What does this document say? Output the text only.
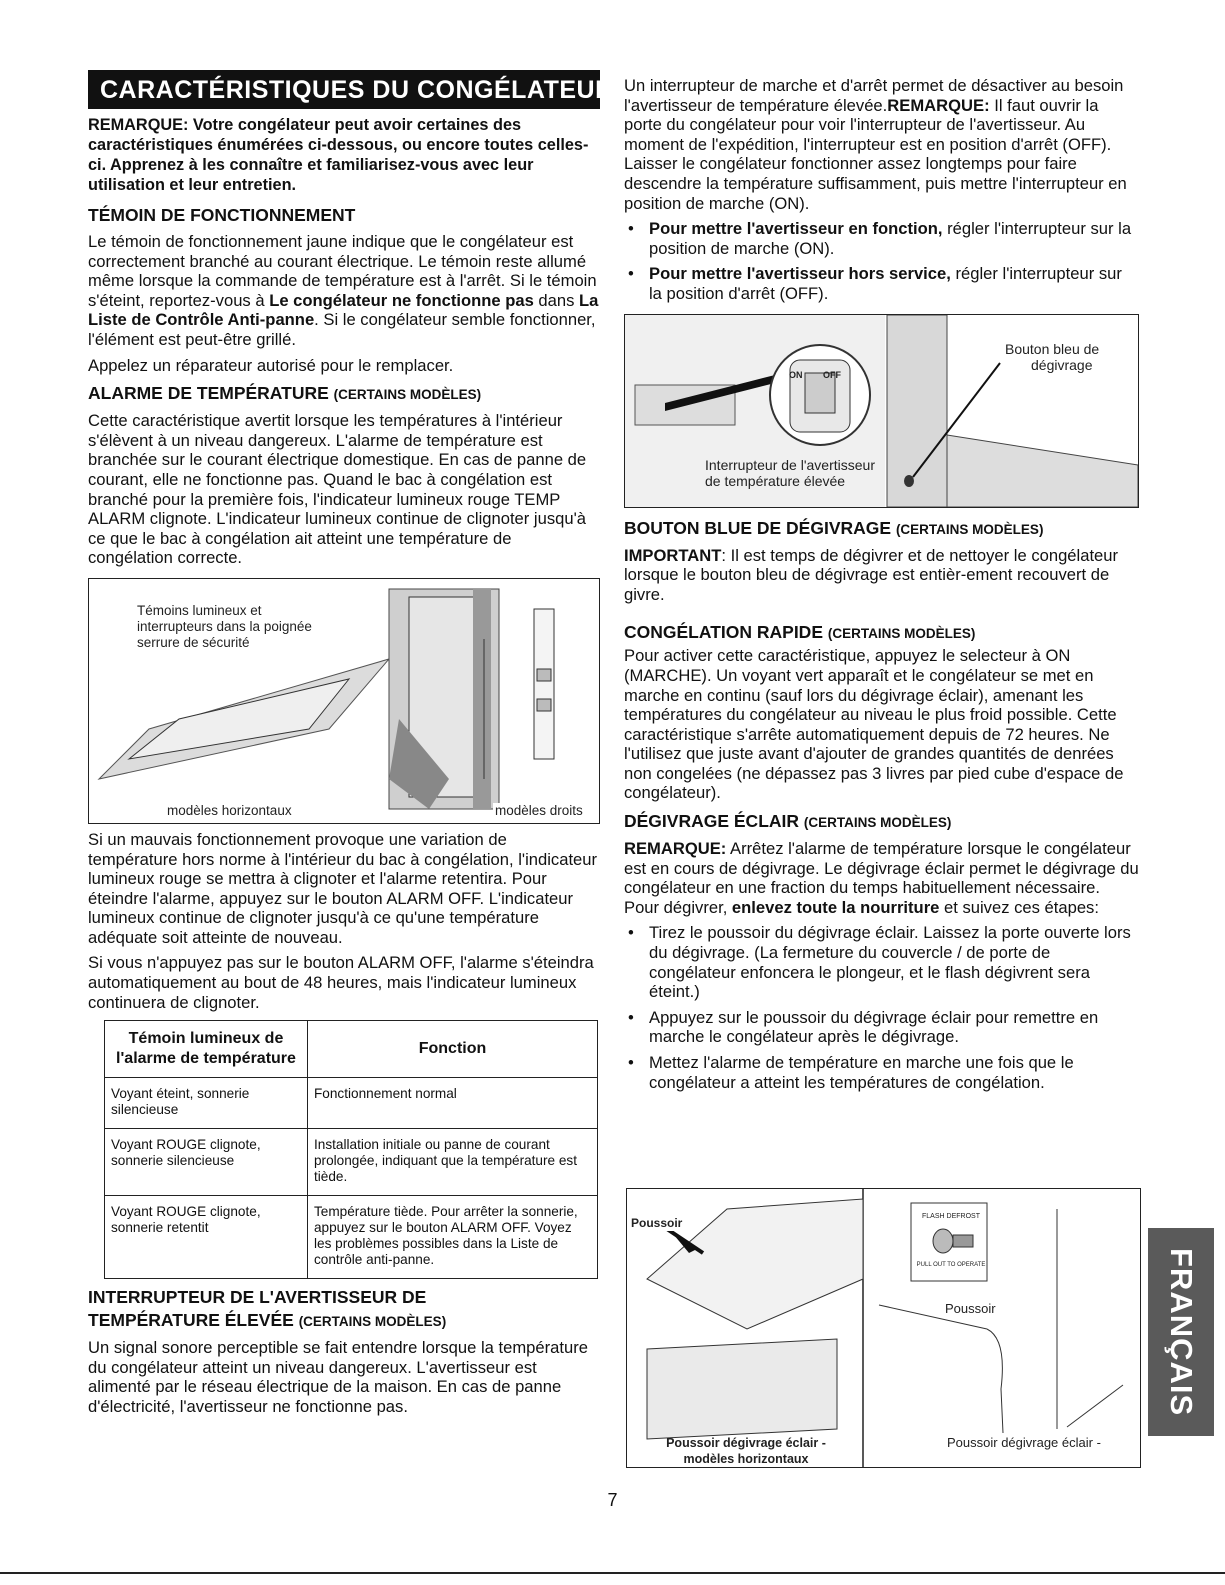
CARACTÉRISTIQUES DU CONGÉLATEUR

REMARQUE: Votre congélateur peut avoir certaines des caractéristiques énumérées ci-dessous, ou encore toutes celles-ci. Apprenez à les connaître et familiarisez-vous avec leur utilisation et leur entretien.

TÉMOIN DE FONCTIONNEMENT

Le témoin de fonctionnement jaune indique que le congélateur est correctement branché au courant électrique. Le témoin reste allumé même lorsque la commande de température est à l'arrêt. Si le témoin s'éteint, reportez-vous à Le congélateur ne fonctionne pas dans La Liste de Contrôle Anti-panne. Si le congélateur semble fonctionner, l'élément est peut-être grillé.

Appelez un réparateur autorisé pour le remplacer.

ALARME DE TEMPÉRATURE (CERTAINS MODÈLES)

Cette caractéristique avertit lorsque les températures à l'intérieur s'élèvent à un niveau dangereux. L'alarme de température est branchée sur le courant électrique domestique. En cas de panne de courant, elle ne fonctionne pas. Quand le bac à congélation est branché pour la première fois, l'indicateur lumineux rouge TEMP ALARM clignote. L'indicateur lumineux continue de clignoter jusqu'à ce que le bac à congélation ait atteint une température de congélation correcte.

Témoins lumineux et
interrupteurs dans la poignée
serrure de sécurité
modèles horizontaux	modèles droits

Si un mauvais fonctionnement provoque une variation de température hors norme à l'intérieur du bac à congélation, l'indicateur lumineux rouge se mettra à clignoter et l'alarme retentira. Pour éteindre l'alarme, appuyez sur le bouton ALARM OFF. L'indicateur lumineux continue de clignoter jusqu'à ce qu'une température adéquate soit atteinte de nouveau.

Si vous n'appuyez pas sur le bouton ALARM OFF, l'alarme s'éteindra automatiquement au bout de 48 heures, mais l'indicateur lumineux continuera de clignoter.

Témoin lumineux de l'alarme de température	Fonction
Voyant éteint, sonnerie silencieuse	Fonctionnement normal
Voyant ROUGE clignote, sonnerie silencieuse	Installation initiale ou panne de courant prolongée, indiquant que la température est tiède.
Voyant ROUGE clignote, sonnerie retentit	Température tiède. Pour arrêter la sonnerie, appuyez sur le bouton ALARM OFF. Voyez les problèmes possibles dans la Liste de contrôle anti-panne.
INTERRUPTEUR DE L'AVERTISSEUR DE
TEMPÉRATURE ÉLEVÉE (CERTAINS MODÈLES)

Un signal sonore perceptible se fait entendre lorsque la température du congélateur atteint un niveau dangereux. L'avertisseur est alimenté par le réseau électrique de la maison. En cas de panne d'électricité, l'avertisseur ne fonctionne pas.

Un interrupteur de marche et d'arrêt permet de désactiver au besoin l'avertisseur de température élevée.REMARQUE: Il faut ouvrir la porte du congélateur pour voir l'interrupteur de l'avertisseur. Au moment de l'expédition, l'interrupteur est en position d'arrêt (OFF). Laisser le congélateur fonctionner assez longtemps pour faire descendre la température suffisamment, puis mettre l'interrupteur en position de marche (ON).

• Pour mettre l'avertisseur en fonction, régler l'interrupteur sur la position de marche (ON).
• Pour mettre l'avertisseur hors service, régler l'interrupteur sur la position d'arrêt (OFF).
Bouton bleu de
dégivrage
Interrupteur de l'avertisseur
de température élevée
ON OFF
BOUTON BLUE DE DÉGIVRAGE (CERTAINS MODÈLES)

IMPORTANT: Il est temps de dégivrer et de nettoyer le congélateur lorsque le bouton bleu de dégivrage est entièr-ement recouvert de givre.

CONGÉLATION RAPIDE (CERTAINS MODÈLES)

Pour activer cette caractéristique, appuyez le selecteur à ON (MARCHE). Un voyant vert apparaît et le congélateur se met en marche en continu (sauf lors du dégivrage éclair), amenant les températures du congélateur au niveau le plus froid possible. Cette caractéristique s'arrête automatiquement depuis de 72 heures. Ne l'utilisez que juste avant d'ajouter de grandes quantités de denrées non congelées (ne dépassez pas 3 livres par pied cube d'espace de congélateur).

DÉGIVRAGE ÉCLAIR (CERTAINS MODÈLES)

REMARQUE: Arrêtez l'alarme de température lorsque le congélateur est en cours de dégivrage. Le dégivrage éclair permet le dégivrage du congélateur en une fraction du temps habituellement nécessaire. Pour dégivrer, enlevez toute la nourriture et suivez ces étapes:

• Tirez le poussoir du dégivrage éclair. Laissez la porte ouverte lors du dégivrage. (La fermeture du couvercle / de porte de congélateur enfoncera le plongeur, et le flash dégivrent sera éteint.)
• Appuyez sur le poussoir du dégivrage éclair pour remettre en marche le congélateur après le dégivrage.
• Mettez l'alarme de température en marche une fois que le congélateur a atteint les températures de congélation.
Poussoir
Poussoir dégivrage éclair -
modèles horizontaux
FLASH DEFROST
PULL OUT TO OPERATE
Poussoir
Poussoir dégivrage éclair -
FRANÇAIS
7
